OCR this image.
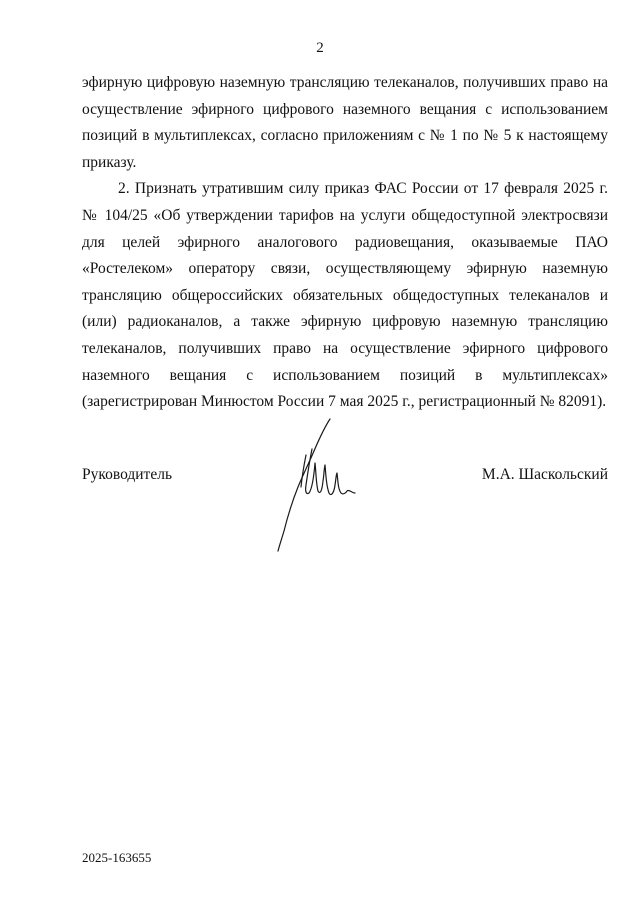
2

эфирную цифровую наземную трансляцию телеканалов, получивших право на осуществление эфирного цифрового наземного вещания с использованием позиций в мультиплексах, согласно приложениям с № 1 по № 5 к настоящему приказу.

2. Признать утратившим силу приказ ФАС России от 17 февраля 2025 г. № 104/25 «Об утверждении тарифов на услуги общедоступной электросвязи для целей эфирного аналогового радиовещания, оказываемые ПАО «Ростелеком» оператору связи, осуществляющему эфирную наземную трансляцию общероссийских обязательных общедоступных телеканалов и (или) радиоканалов, а также эфирную цифровую наземную трансляцию телеканалов, получивших право на осуществление эфирного цифрового наземного вещания с использованием позиций в мультиплексах» (зарегистрирован Минюстом России 7 мая 2025 г., регистрационный № 82091).

Руководитель	М.А. Шаскольский
2025-163655
